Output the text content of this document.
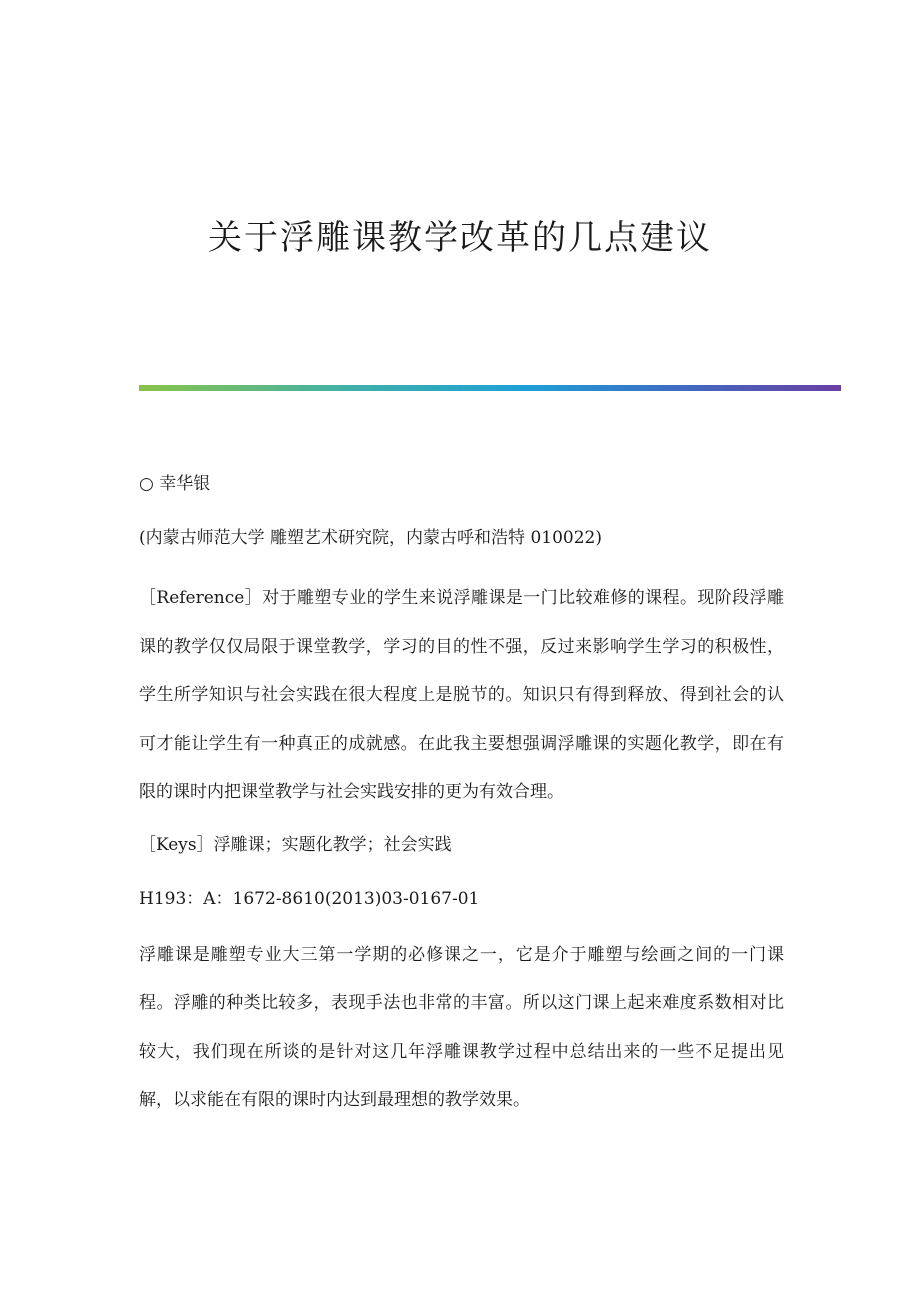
关于浮雕课教学改革的几点建议

○ 幸华银

(内蒙古师范大学 雕塑艺术研究院，内蒙古呼和浩特 010022)

［Reference］对于雕塑专业的学生来说浮雕课是一门比较难修的课程。现阶段浮雕课的教学仅仅局限于课堂教学，学习的目的性不强，反过来影响学生学习的积极性，学生所学知识与社会实践在很大程度上是脱节的。知识只有得到释放、得到社会的认可才能让学生有一种真正的成就感。在此我主要想强调浮雕课的实题化教学，即在有限的课时内把课堂教学与社会实践安排的更为有效合理。

［Keys］浮雕课；实题化教学；社会实践

H193：A：1672-8610(2013)03-0167-01

浮雕课是雕塑专业大三第一学期的必修课之一，它是介于雕塑与绘画之间的一门课程。浮雕的种类比较多，表现手法也非常的丰富。所以这门课上起来难度系数相对比较大，我们现在所谈的是针对这几年浮雕课教学过程中总结出来的一些不足提出见解，以求能在有限的课时内达到最理想的教学效果。
